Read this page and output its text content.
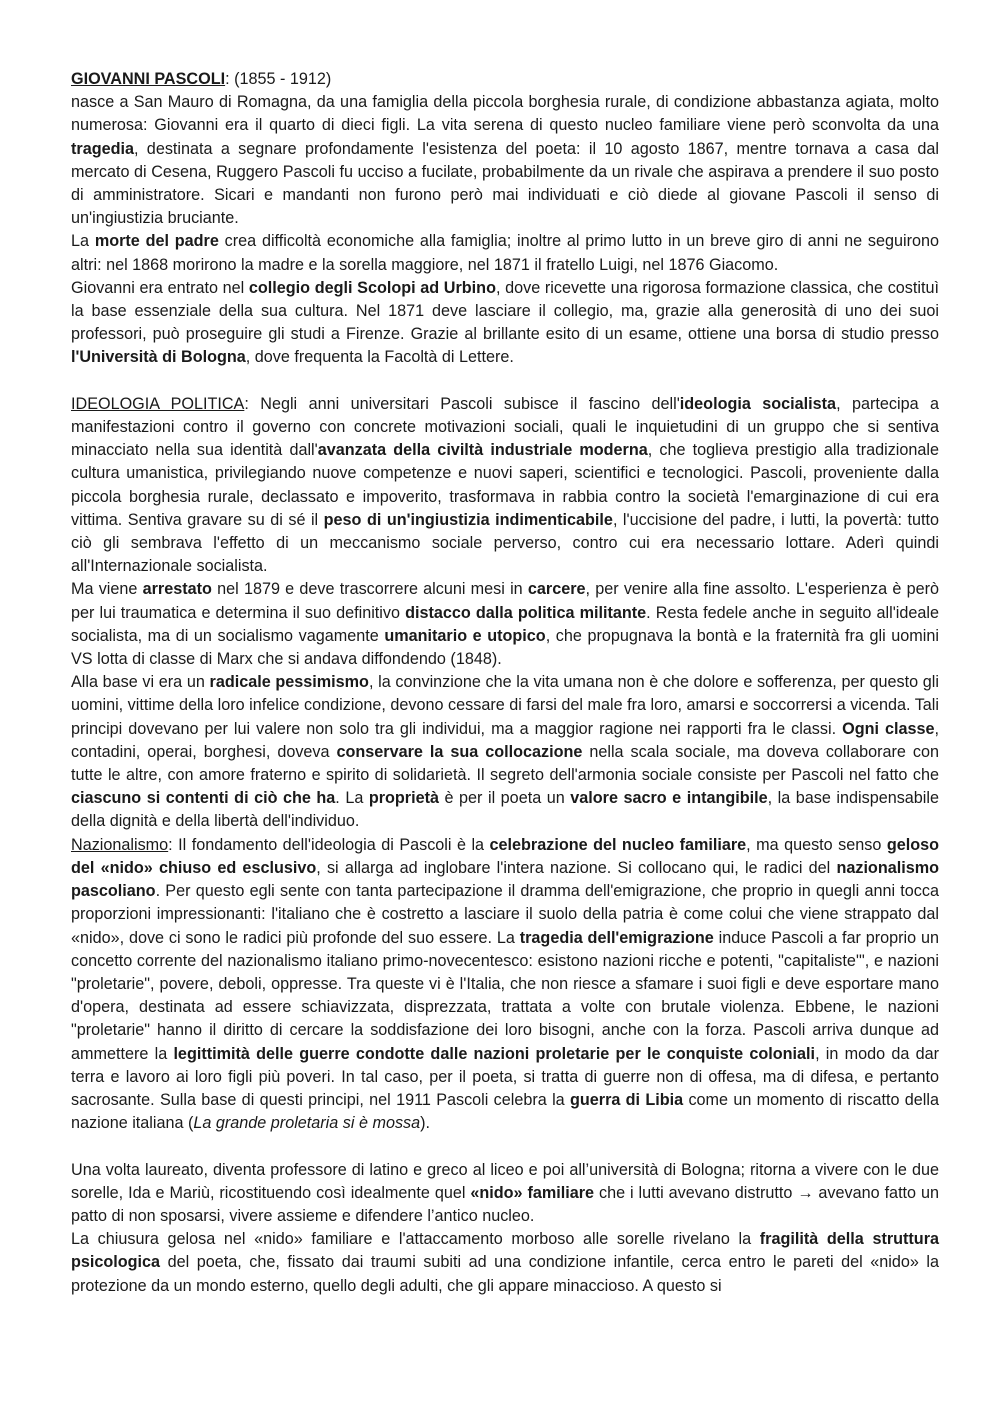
GIOVANNI PASCOLI: (1855 - 1912)

nasce a San Mauro di Romagna, da una famiglia della piccola borghesia rurale, di condizione abbastanza agiata, molto numerosa: Giovanni era il quarto di dieci figli. La vita serena di questo nucleo familiare viene però sconvolta da una tragedia, destinata a segnare profondamente l'esistenza del poeta: il 10 agosto 1867, mentre tornava a casa dal mercato di Cesena, Ruggero Pascoli fu ucciso a fucilate, probabilmente da un rivale che aspirava a prendere il suo posto di amministratore. Sicari e mandanti non furono però mai individuati e ciò diede al giovane Pascoli il senso di un'ingiustizia bruciante.

La morte del padre crea difficoltà economiche alla famiglia; inoltre al primo lutto in un breve giro di anni ne seguirono altri: nel 1868 morirono la madre e la sorella maggiore, nel 1871 il fratello Luigi, nel 1876 Giacomo.

Giovanni era entrato nel collegio degli Scolopi ad Urbino, dove ricevette una rigorosa formazione classica, che costituì la base essenziale della sua cultura. Nel 1871 deve lasciare il collegio, ma, grazie alla generosità di uno dei suoi professori, può proseguire gli studi a Firenze. Grazie al brillante esito di un esame, ottiene una borsa di studio presso l'Università di Bologna, dove frequenta la Facoltà di Lettere.

IDEOLOGIA POLITICA: Negli anni universitari Pascoli subisce il fascino dell'ideologia socialista, partecipa a manifestazioni contro il governo con concrete motivazioni sociali, quali le inquietudini di un gruppo che si sentiva minacciato nella sua identità dall'avanzata della civiltà industriale moderna, che toglieva prestigio alla tradizionale cultura umanistica, privilegiando nuove competenze e nuovi saperi, scientifici e tecnologici. Pascoli, proveniente dalla piccola borghesia rurale, declassato e impoverito, trasformava in rabbia contro la società l'emarginazione di cui era vittima. Sentiva gravare su di sé il peso di un'ingiustizia indimenticabile, l'uccisione del padre, i lutti, la povertà: tutto ciò gli sembrava l'effetto di un meccanismo sociale perverso, contro cui era necessario lottare. Aderì quindi all'Internazionale socialista.

Ma viene arrestato nel 1879 e deve trascorrere alcuni mesi in carcere, per venire alla fine assolto. L'esperienza è però per lui traumatica e determina il suo definitivo distacco dalla politica militante. Resta fedele anche in seguito all'ideale socialista, ma di un socialismo vagamente umanitario e utopico, che propugnava la bontà e la fraternità fra gli uomini VS lotta di classe di Marx che si andava diffondendo (1848).

Alla base vi era un radicale pessimismo, la convinzione che la vita umana non è che dolore e sofferenza, per questo gli uomini, vittime della loro infelice condizione, devono cessare di farsi del male fra loro, amarsi e soccorrersi a vicenda. Tali principi dovevano per lui valere non solo tra gli individui, ma a maggior ragione nei rapporti fra le classi. Ogni classe, contadini, operai, borghesi, doveva conservare la sua collocazione nella scala sociale, ma doveva collaborare con tutte le altre, con amore fraterno e spirito di solidarietà. Il segreto dell'armonia sociale consiste per Pascoli nel fatto che ciascuno si contenti di ciò che ha. La proprietà è per il poeta un valore sacro e intangibile, la base indispensabile della dignità e della libertà dell'individuo.

Nazionalismo: Il fondamento dell'ideologia di Pascoli è la celebrazione del nucleo familiare, ma questo senso geloso del «nido» chiuso ed esclusivo, si allarga ad inglobare l'intera nazione. Si collocano qui, le radici del nazionalismo pascoliano. Per questo egli sente con tanta partecipazione il dramma dell'emigrazione, che proprio in quegli anni tocca proporzioni impressionanti: l'italiano che è costretto a lasciare il suolo della patria è come colui che viene strappato dal «nido», dove ci sono le radici più profonde del suo essere. La tragedia dell'emigrazione induce Pascoli a far proprio un concetto corrente del nazionalismo italiano primo-novecentesco: esistono nazioni ricche e potenti, "capitaliste'", e nazioni "proletarie", povere, deboli, oppresse. Tra queste vi è l'Italia, che non riesce a sfamare i suoi figli e deve esportare mano d'opera, destinata ad essere schiavizzata, disprezzata, trattata a volte con brutale violenza. Ebbene, le nazioni "proletarie" hanno il diritto di cercare la soddisfazione dei loro bisogni, anche con la forza. Pascoli arriva dunque ad ammettere la legittimità delle guerre condotte dalle nazioni proletarie per le conquiste coloniali, in modo da dar terra e lavoro ai loro figli più poveri. In tal caso, per il poeta, si tratta di guerre non di offesa, ma di difesa, e pertanto sacrosante. Sulla base di questi principi, nel 1911 Pascoli celebra la guerra di Libia come un momento di riscatto della nazione italiana (La grande proletaria si è mossa).

Una volta laureato, diventa professore di latino e greco al liceo e poi all’università di Bologna; ritorna a vivere con le due sorelle, Ida e Mariù, ricostituendo così idealmente quel «nido» familiare che i lutti avevano distrutto → avevano fatto un patto di non sposarsi, vivere assieme e difendere l’antico nucleo.

La chiusura gelosa nel «nido» familiare e l'attaccamento morboso alle sorelle rivelano la fragilità della struttura psicologica del poeta, che, fissato dai traumi subiti ad una condizione infantile, cerca entro le pareti del «nido» la protezione da un mondo esterno, quello degli adulti, che gli appare minaccioso. A questo si
